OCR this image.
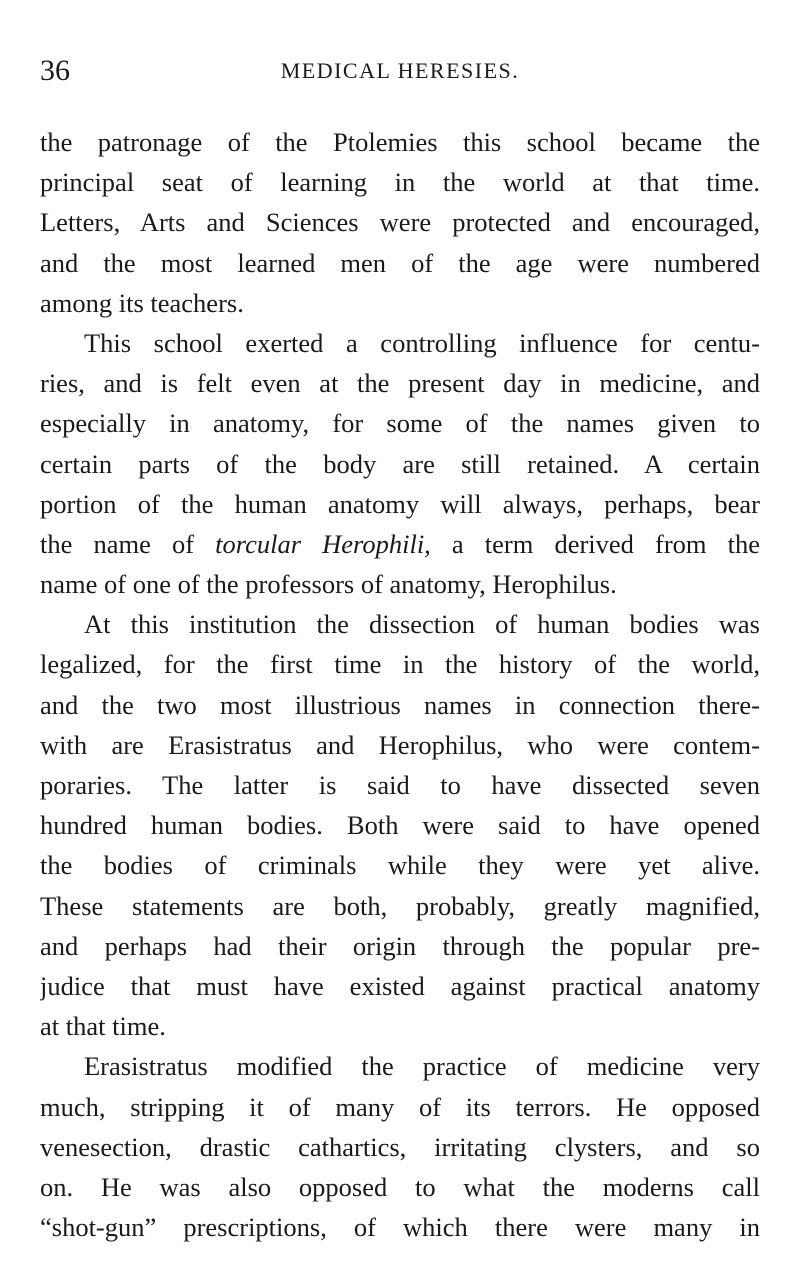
36	MEDICAL HERESIES.
the patronage of the Ptolemies this school became the
principal seat of learning in the world at that time.
Letters, Arts and Sciences were protected and encouraged,
and the most learned men of the age were numbered
among its teachers.
This school exerted a controlling influence for centu-
ries, and is felt even at the present day in medicine, and
especially in anatomy, for some of the names given to
certain parts of the body are still retained. A certain
portion of the human anatomy will always, perhaps, bear
the name of torcular Herophili, a term derived from the
name of one of the professors of anatomy, Herophilus.
At this institution the dissection of human bodies was
legalized, for the first time in the history of the world,
and the two most illustrious names in connection there-
with are Erasistratus and Herophilus, who were contem-
poraries. The latter is said to have dissected seven
hundred human bodies. Both were said to have opened
the bodies of criminals while they were yet alive.
These statements are both, probably, greatly magnified,
and perhaps had their origin through the popular pre-
judice that must have existed against practical anatomy
at that time.
Erasistratus modified the practice of medicine very
much, stripping it of many of its terrors. He opposed
venesection, drastic cathartics, irritating clysters, and so
on. He was also opposed to what the moderns call
“shot-gun” prescriptions, of which there were many in
